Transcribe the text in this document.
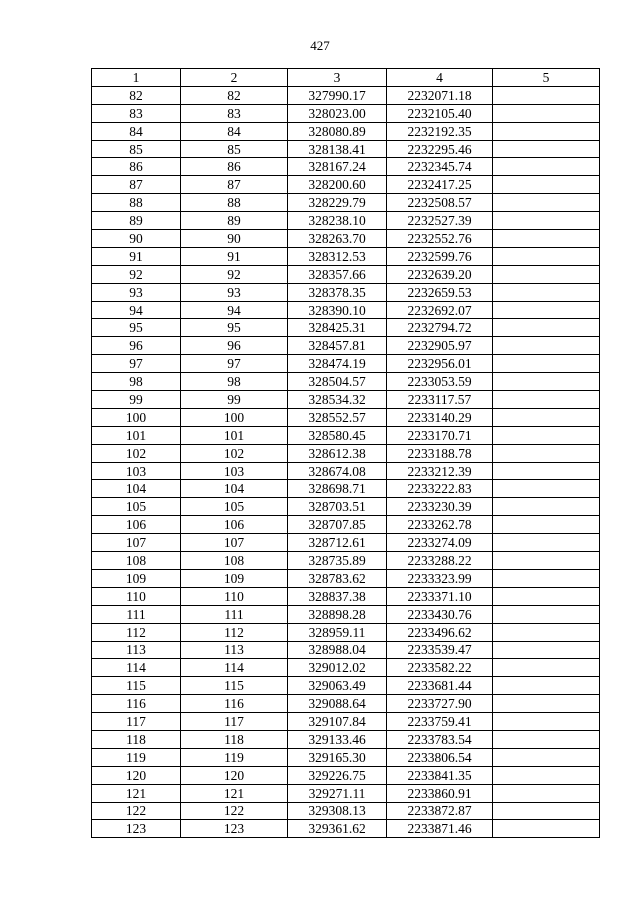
427
1	2	3	4	5
82	82	327990.17	2232071.18	
83	83	328023.00	2232105.40	
84	84	328080.89	2232192.35	
85	85	328138.41	2232295.46	
86	86	328167.24	2232345.74	
87	87	328200.60	2232417.25	
88	88	328229.79	2232508.57	
89	89	328238.10	2232527.39	
90	90	328263.70	2232552.76	
91	91	328312.53	2232599.76	
92	92	328357.66	2232639.20	
93	93	328378.35	2232659.53	
94	94	328390.10	2232692.07	
95	95	328425.31	2232794.72	
96	96	328457.81	2232905.97	
97	97	328474.19	2232956.01	
98	98	328504.57	2233053.59	
99	99	328534.32	2233117.57	
100	100	328552.57	2233140.29	
101	101	328580.45	2233170.71	
102	102	328612.38	2233188.78	
103	103	328674.08	2233212.39	
104	104	328698.71	2233222.83	
105	105	328703.51	2233230.39	
106	106	328707.85	2233262.78	
107	107	328712.61	2233274.09	
108	108	328735.89	2233288.22	
109	109	328783.62	2233323.99	
110	110	328837.38	2233371.10	
111	111	328898.28	2233430.76	
112	112	328959.11	2233496.62	
113	113	328988.04	2233539.47	
114	114	329012.02	2233582.22	
115	115	329063.49	2233681.44	
116	116	329088.64	2233727.90	
117	117	329107.84	2233759.41	
118	118	329133.46	2233783.54	
119	119	329165.30	2233806.54	
120	120	329226.75	2233841.35	
121	121	329271.11	2233860.91	
122	122	329308.13	2233872.87	
123	123	329361.62	2233871.46	
